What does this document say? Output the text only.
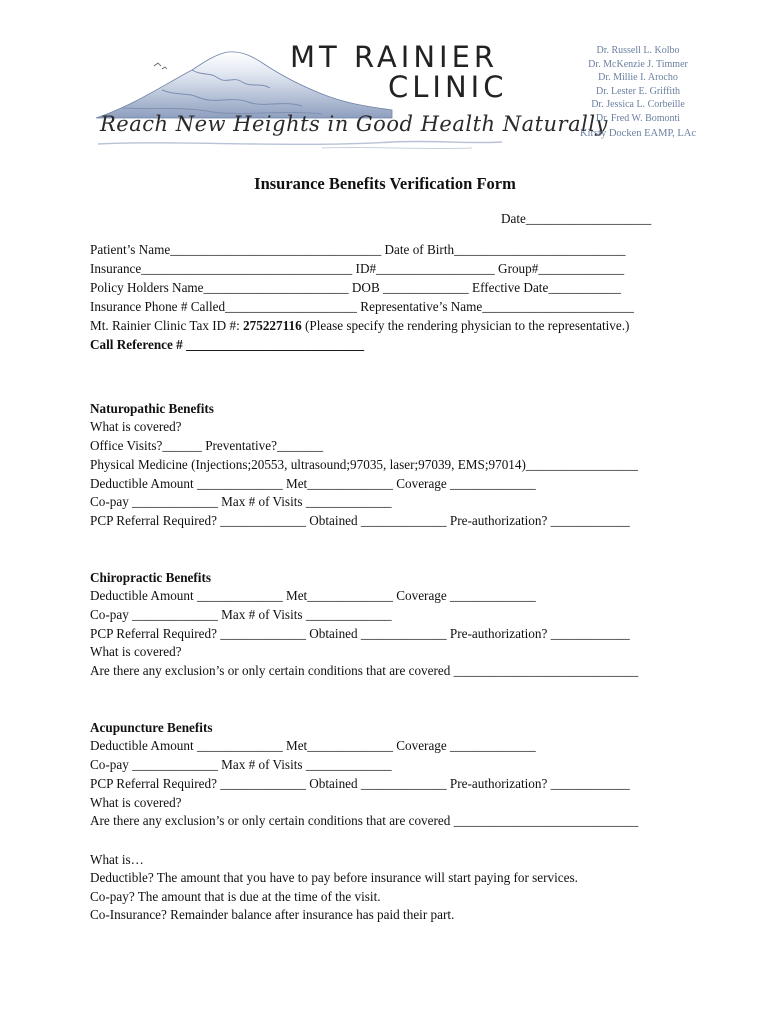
MT RAINIER
CLINIC
Reach New Heights in Good Health Naturally
Dr. Russell L. Kolbo
Dr. McKenzie J. Timmer
Dr. Millie I. Arocho
Dr. Lester E. Griffith
Dr. Jessica L. Corbeille
Dr. Fred W. Bomonti
Kirsty Docken EAMP, LAc
Insurance Benefits Verification Form
Date___________________
Patient’s Name________________________________ Date of Birth__________________________
Insurance________________________________ ID#__________________ Group#_____________
Policy Holders Name______________________ DOB _____________ Effective Date___________
Insurance Phone # Called____________________ Representative’s Name_______________________
Mt. Rainier Clinic Tax ID #: 275227116 (Please specify the rendering physician to the representative.)
Call Reference # ___________________________
Naturopathic Benefits
What is covered?
Office Visits?______ Preventative?_______
Physical Medicine (Injections;20553, ultrasound;97035, laser;97039, EMS;97014)_________________
Deductible Amount _____________ Met_____________ Coverage _____________
Co-pay _____________ Max # of Visits _____________
PCP Referral Required? _____________ Obtained _____________ Pre-authorization? ____________
Chiropractic Benefits
Deductible Amount _____________ Met_____________ Coverage _____________
Co-pay _____________ Max # of Visits _____________
PCP Referral Required? _____________ Obtained _____________ Pre-authorization? ____________
What is covered?
Are there any exclusion’s or only certain conditions that are covered ____________________________
Acupuncture Benefits
Deductible Amount _____________ Met_____________ Coverage _____________
Co-pay _____________ Max # of Visits _____________
PCP Referral Required? _____________ Obtained _____________ Pre-authorization? ____________
What is covered?
Are there any exclusion’s or only certain conditions that are covered ____________________________
What is…
Deductible? The amount that you have to pay before insurance will start paying for services.
Co-pay? The amount that is due at the time of the visit.
Co-Insurance? Remainder balance after insurance has paid their part.
